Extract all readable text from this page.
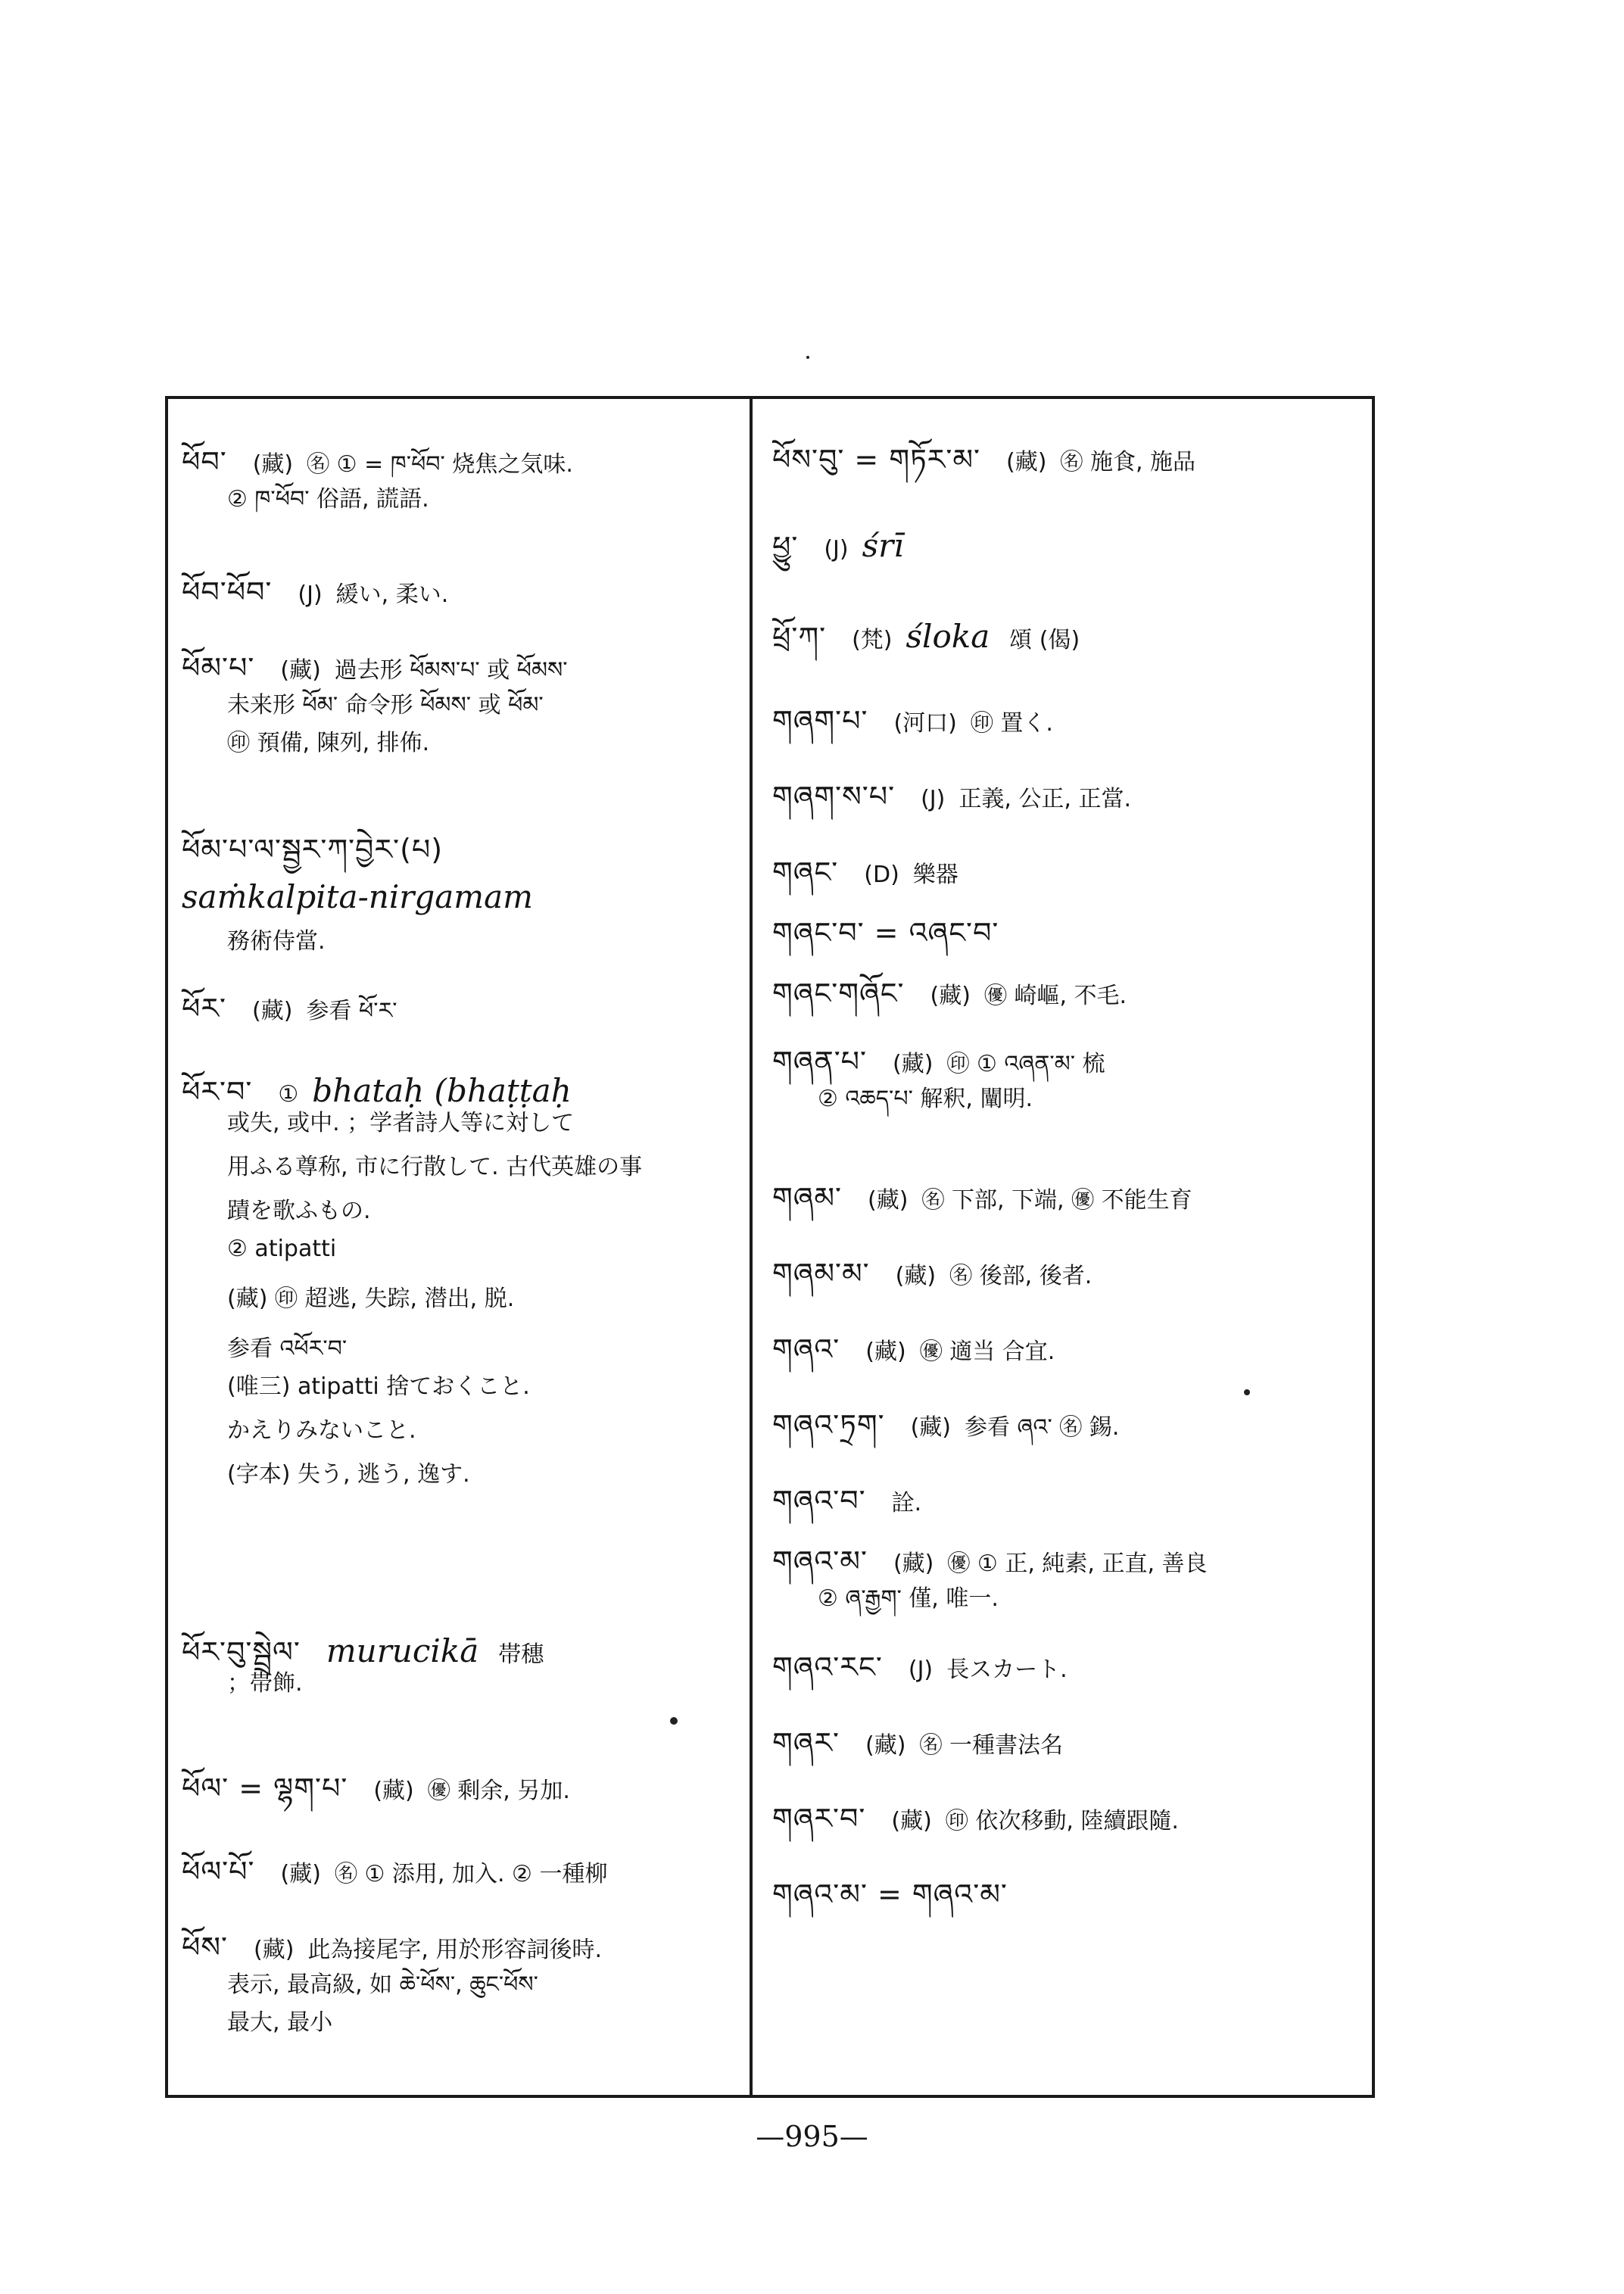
ཕོབ་ (藏) ㊔ ① = ཁ་ཕོབ་ 烧焦之気味.
② ཁ་ཕོབ་ 俗語, 謊語.
ཕོབ་ཕོབ་ (J) 緩い, 柔い.
ཕོམ་པ་ (藏) 過去形 ཕོམས་པ་ 或 ཕོམས་
未来形 ཕོམ་ 命令形 ཕོམས་ 或 ཕོམ་
㊞ 預備, 陳列, 排佈.
ཕོམ་པ་ལ་སྦྱར་ཀ་བྱེར་(པ)
saṁkalpita-nirgamam
務術侍當.
ཕོར་ (藏) 参看 ཕོ་ར་
ཕོར་བ་ ① bhataḥ (bhaṭṭaḥ
或失, 或中. ；学者詩人等に対して
用ふる尊称, 市に行散して. 古代英雄の事
蹟を歌ふもの.
② atipatti
(藏) ㊞ 超逃, 失踪, 潜出, 脱.
参看 འཕོར་བ་
(唯三) atipatti 捨ておくこと.
かえりみないこと.
(字本) 失う, 逃う, 逸す.
ཕོར་བུ་སྦྲེལ་ murucikā 帯穗
；帯飾.
ཕོལ་ = ལྷག་པ་ (藏) ㊝ 剩余, 另加.
ཕོལ་པོ་ (藏) ㊔ ① 添用, 加入. ② 一種柳
ཕོས་ (藏) 此為接尾字, 用於形容詞後時.
表示, 最高級, 如 ཆེ་ཕོས་, ཆུང་ཕོས་
最大, 最小
ཕོས་བུ་ = གཏོར་མ་ (藏) ㊔ 施食, 施品
ཕྱུ་ (J) śrī
ཕྲོ་ཀ་ (梵) śloka 頌 (偈)
གཞག་པ་ (河口) ㊞ 置く.
གཞག་ས་པ་ (J) 正義, 公正, 正當.
གཞང་ (D) 樂器
གཞང་བ་ = འཞང་བ་
གཞང་གཞོང་ (藏) ㊝ 崎嶇, 不毛.
གཞན་པ་ (藏) ㊞ ① འཞན་མ་ 梳
② འཆད་པ་ 解釈, 闡明.
གཞམ་ (藏) ㊔ 下部, 下端, ㊝ 不能生育
གཞམ་མ་ (藏) ㊔ 後部, 後者.
གཞའ་ (藏) ㊝ 適当 合宜.
གཞའ་ཏྲག་ (藏) 参看 ཞའ་ ㊔ 錫.
གཞའ་བ་ 詮.
གཞའ་མ་ (藏) ㊝ ① 正, 純素, 正直, 善良
② ཞ་རྒྱག་ 僅, 唯一.
གཞའ་རང་ (J) 長スカート.
གཞར་ (藏) ㊔ 一種書法名
གཞར་བ་ (藏) ㊞ 依次移動, 陸續跟隨.
གཞའ་མ་ = གཞའ་མ་
—995—
